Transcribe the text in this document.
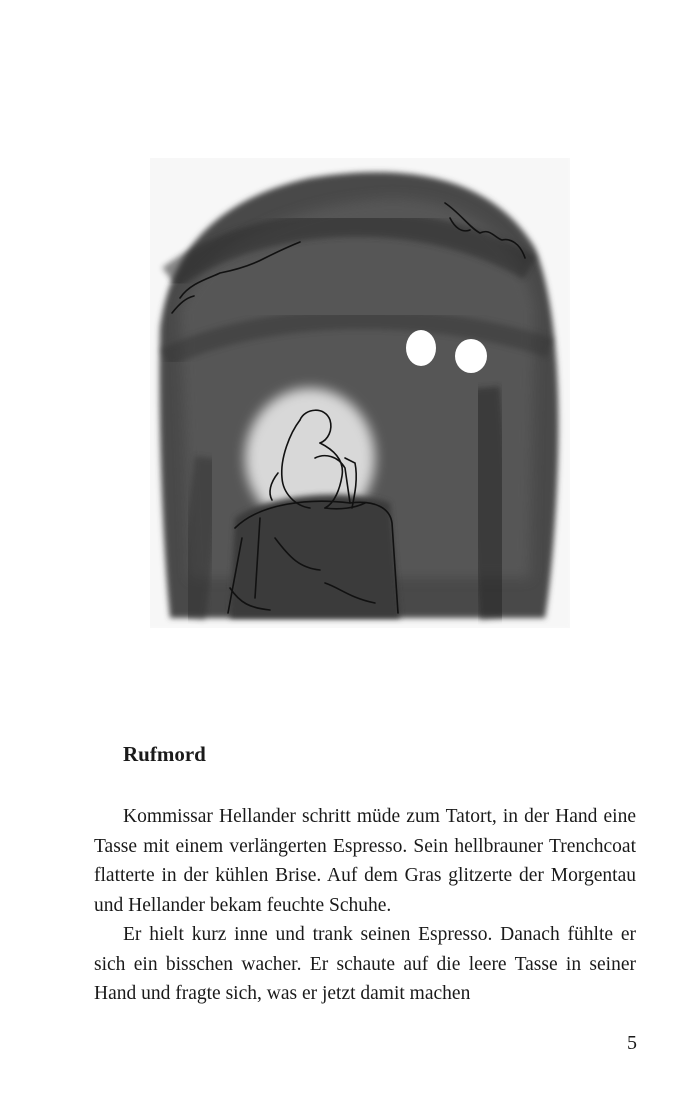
Rufmord

Kommissar Hellander schritt müde zum Tatort, in der Hand eine Tasse mit einem verlängerten Espresso. Sein hellbrauner Trenchcoat flatterte in der kühlen Brise. Auf dem Gras glitzerte der Morgentau und Hellander bekam feuchte Schuhe.

Er hielt kurz inne und trank seinen Espresso. Danach fühlte er sich ein bisschen wacher. Er schaute auf die leere Tasse in seiner Hand und fragte sich, was er jetzt damit machen

5
